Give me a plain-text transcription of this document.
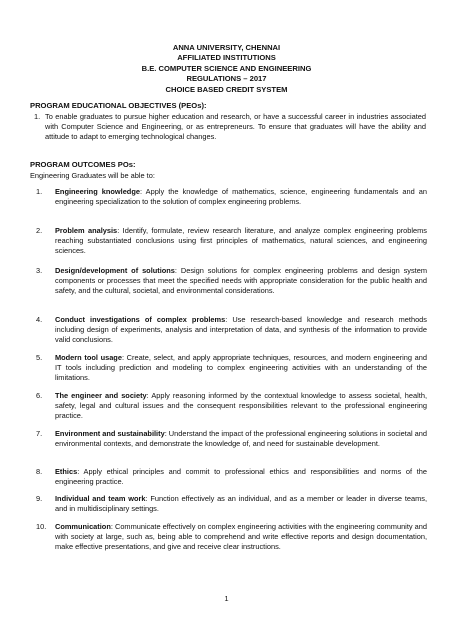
ANNA UNIVERSITY, CHENNAI
AFFILIATED INSTITUTIONS
B.E. COMPUTER SCIENCE AND ENGINEERING
REGULATIONS – 2017
CHOICE BASED CREDIT SYSTEM
PROGRAM EDUCATIONAL OBJECTIVES (PEOs):
1. To enable graduates to pursue higher education and research, or have a successful career in industries associated with Computer Science and Engineering, or as entrepreneurs. To ensure that graduates will have the ability and attitude to adapt to emerging technological changes.
PROGRAM OUTCOMES POs:
Engineering Graduates will be able to:
1.	Engineering knowledge: Apply the knowledge of mathematics, science, engineering fundamentals and an engineering specialization to the solution of complex engineering problems.
2.	Problem analysis: Identify, formulate, review research literature, and analyze complex engineering problems reaching substantiated conclusions using first principles of mathematics, natural sciences, and engineering sciences.
3.	Design/development of solutions: Design solutions for complex engineering problems and design system components or processes that meet the specified needs with appropriate consideration for the public health and safety, and the cultural, societal, and environmental considerations.
4.	Conduct investigations of complex problems: Use research-based knowledge and research methods including design of experiments, analysis and interpretation of data, and synthesis of the information to provide valid conclusions.
5.	Modern tool usage: Create, select, and apply appropriate techniques, resources, and modern engineering and IT tools including prediction and modeling to complex engineering activities with an understanding of the limitations.
6.	The engineer and society: Apply reasoning informed by the contextual knowledge to assess societal, health, safety, legal and cultural issues and the consequent responsibilities relevant to the professional engineering practice.
7.	Environment and sustainability: Understand the impact of the professional engineering solutions in societal and environmental contexts, and demonstrate the knowledge of, and need for sustainable development.
8.	Ethics: Apply ethical principles and commit to professional ethics and responsibilities and norms of the engineering practice.
9.	Individual and team work: Function effectively as an individual, and as a member or leader in diverse teams, and in multidisciplinary settings.
10.	Communication: Communicate effectively on complex engineering activities with the engineering community and with society at large, such as, being able to comprehend and write effective reports and design documentation, make effective presentations, and give and receive clear instructions.
1
